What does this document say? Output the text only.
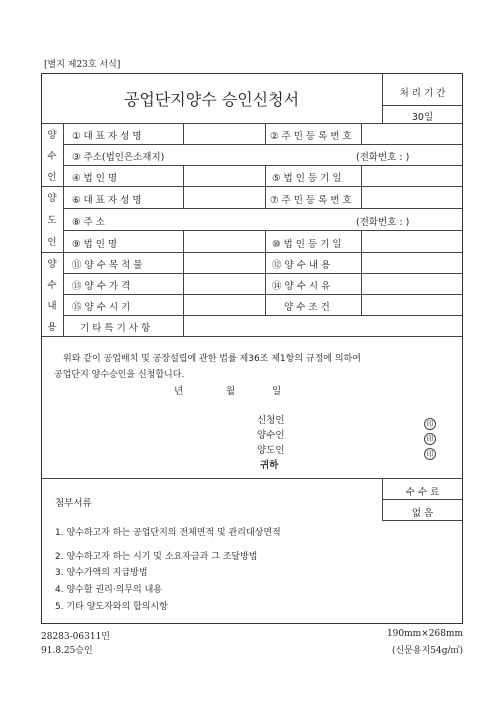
[별지 제23호 서식]
공업단지양수 승인신청서	처 리 기 간
30일
양
수
인
① 대 표 자 성 명	② 주 민 등 록 번 호
③ 주소(법인은소재지)	(전화번호 : )
④ 법 인 명	⑤ 법 인 등 기 일
양
도
인
⑥ 대 표 자 성 명	⑦ 주 민 등 록 번 호
⑧ 주 소	(전화번호 : )
⑨ 법 인 명	⑩ 법 인 등 기 일
양
수
내
용
⑪ 양 수 목 적 물	⑫ 양 수 내 용
⑬ 양 수 가 격	⑭ 양 수 시 유
⑮ 양 수 시 기	양 수 조 건
기 타 특 기 사 항
위와 같이 공업배치 및 공장설립에 관한 법률 제36조 제1항의 규정에 의하여
공업단지 양수승인을 신청합니다.
년	월	일
신청인	印
양수인	印
양도인	印
귀하
수 수 료
없 음
첨부서류
1. 양수하고자 하는 공업단지의 전체면적 및 관리대상면적
2. 양수하고자 하는 시기 및 소요자금과 그 조달방법
3. 양수가액의 지급방법
4. 양수할 권리·의무의 내용
5. 기타 양도자와의 합의시항
28283-06311민
91.8.25승인
190mm×268mm
(신문용지54g/㎡)
